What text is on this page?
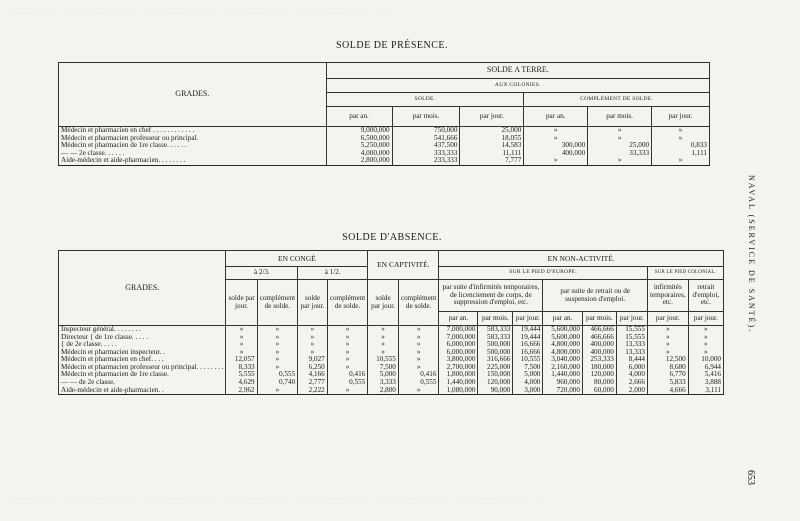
· · · · · · · · · · · · · · · · · · · · · · · · · · · · · · · · · · · · · · · · · · ·
SOLDE DE PRÉSENCE.
GRADES.	SOLDE A TERRE.					
	AUX COLONIES.					
	SOLDE.			COMPLÉMENT DE SOLDE.		
	par an.	par mois.	par jour.	par an.	par mois.	par jour.
Médecin et pharmacien en chef . . . . . . . . . . . .	9,000,000	750,000	25,000	»	»	»
Médecin et pharmacien professeur ou principal.	6,500,000	541,666	18,055	»	»	»
Médecin et pharmacien de 1re classe. . . . . .	5,250,000	437,500	14,583	300,000	25,000	0,833
— — 2e classe. . . . . .	4,000,000	333,333	11,111	400,000	33,333	1,111
Aide-médecin et aide-pharmacien. . . . . . . .	2,800,000	233,333	7,777	»	»	»
SOLDE D'ABSENCE.
GRADES.	EN CONGÉ				EN CAPTIVITÉ.		EN NON-ACTIVITÉ.							
	à 2/3.		à 1/2.				SUR LE PIED D'EUROPE.						SUR LE PIED COLONIAL.	
	solde par jour.	complément de solde.	solde par jour.	complément de solde.	solde par jour.	complément de solde.	par suite d'infirmités temporaires, de licenciement de corps, de suppression d'emploi, etc.			par suite de retrait ou de suspension d'emploi.			infirmités temporaires, etc.	retrait d'emploi, etc.

							par an.	par mois.	par jour.	par an.	par mois.	par jour.	par jour.	par jour.
Inspecteur général. . . . . . . .	»	»	»	»	»	»	7,000,000	583,333	19,444	5,600,000	466,666	15,555	»	»
Directeur { de 1re classe. . . . .	»	»	»	»	»	»	7,000,000	583,333	19,444	5,600,000	466,666	15,555	»	»
{ de 2e classe. . . . .	»	»	»	»	»	»	6,000,000	500,000	16,666	4,800,000	400,000	13,333	»	»
Médecin et pharmacien inspecteur. .	»	»	»	»	»	»	6,000,000	500,000	16,666	4,800,000	400,000	13,333	»	»
Médecin et pharmacien en chef. . . .	12,057	»	9,027	»	10,555	»	3,800,000	316,666	10,555	3,040,000	253,333	8,444	12,500	10,000
Médecin et pharmacien professeur ou principal. . . . . . . .	8,333	»	6,250	»	7,500	»	2,700,000	225,000	7,500	2,160,000	180,000	6,000	8,680	6,944
Médecin et pharmacien de 1re classe.	5,555	0,555	4,166	0,416	5,000	0,416	1,800,000	150,000	5,000	1,440,000	120,000	4,000	6,770	5,416
— — de 2e classe.	4,629	0,740	2,777	0,555	3,333	0,555	1,440,000	120,000	4,000	960,000	80,000	2,666	5,833	3,888
Aide-médecin et aide-pharmacien. .	2,962	»	2,222	»	2,800	»	1,080,000	90,000	3,000	720,000	60,000	2,000	4,666	3,111
NAVAL (SERVICE DE SANTÉ).
653
· · · · · · · · · · · · · · · · · · · · · · · · · · · · · · · · · · · · · · · · · · · · · · · · · · · · · · · · · · · ·
